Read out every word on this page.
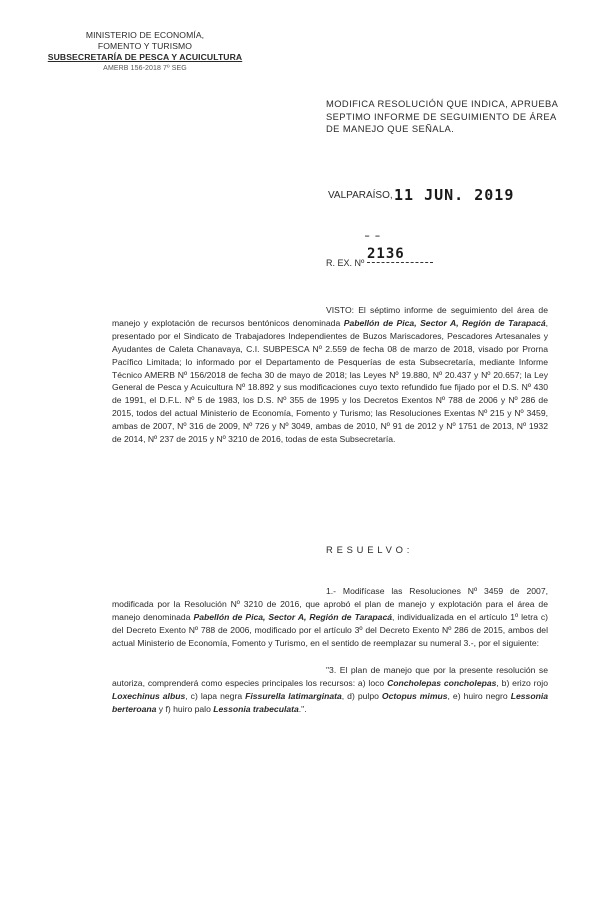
MINISTERIO DE ECONOMÍA,
FOMENTO Y TURISMO
SUBSECRETARÍA DE PESCA Y ACUICULTURA
AMERB 156-2018 7º SEG
MODIFICA RESOLUCIÓN QUE INDICA, APRUEBA SEPTIMO INFORME DE SEGUIMIENTO DE ÁREA DE MANEJO QUE SEÑALA.
VALPARAÍSO, 11 JUN. 2019
R. EX. Nº
— —
2136
VISTO: El séptimo informe de seguimiento del área de manejo y explotación de recursos bentónicos denominada Pabellón de Pica, Sector A, Región de Tarapacá, presentado por el Sindicato de Trabajadores Independientes de Buzos Mariscadores, Pescadores Artesanales y Ayudantes de Caleta Chanavaya, C.I. SUBPESCA Nº 2.559 de fecha 08 de marzo de 2018, visado por Prorna Pacífico Limitada; lo informado por el Departamento de Pesquerías de esta Subsecretaría, mediante Informe Técnico AMERB Nº 156/2018 de fecha 30 de mayo de 2018; las Leyes Nº 19.880, Nº 20.437 y Nº 20.657; la Ley General de Pesca y Acuicultura Nº 18.892 y sus modificaciones cuyo texto refundido fue fijado por el D.S. Nº 430 de 1991, el D.F.L. Nº 5 de 1983, los D.S. Nº 355 de 1995 y los Decretos Exentos Nº 788 de 2006 y Nº 286 de 2015, todos del actual Ministerio de Economía, Fomento y Turismo; las Resoluciones Exentas Nº 215 y Nº 3459, ambas de 2007, Nº 316 de 2009, Nº 726 y Nº 3049, ambas de 2010, Nº 91 de 2012 y Nº 1751 de 2013, Nº 1932 de 2014, Nº 237 de 2015 y Nº 3210 de 2016, todas de esta Subsecretaría.
RESUELVO:
1.- Modifícase las Resoluciones Nº 3459 de 2007, modificada por la Resolución Nº 3210 de 2016, que aprobó el plan de manejo y explotación para el área de manejo denominada Pabellón de Pica, Sector A, Región de Tarapacá, individualizada en el artículo 1º letra c) del Decreto Exento Nº 788 de 2006, modificado por el artículo 3º del Decreto Exento Nº 286 de 2015, ambos del actual Ministerio de Economía, Fomento y Turismo, en el sentido de reemplazar su numeral 3.-, por el siguiente:
"3. El plan de manejo que por la presente resolución se autoriza, comprenderá como especies principales los recursos: a) loco Concholepas concholepas, b) erizo rojo Loxechinus albus, c) lapa negra Fissurella latimarginata, d) pulpo Octopus mimus, e) huiro negro Lessonia berteroana y f) huiro palo Lessonia trabeculata.".
